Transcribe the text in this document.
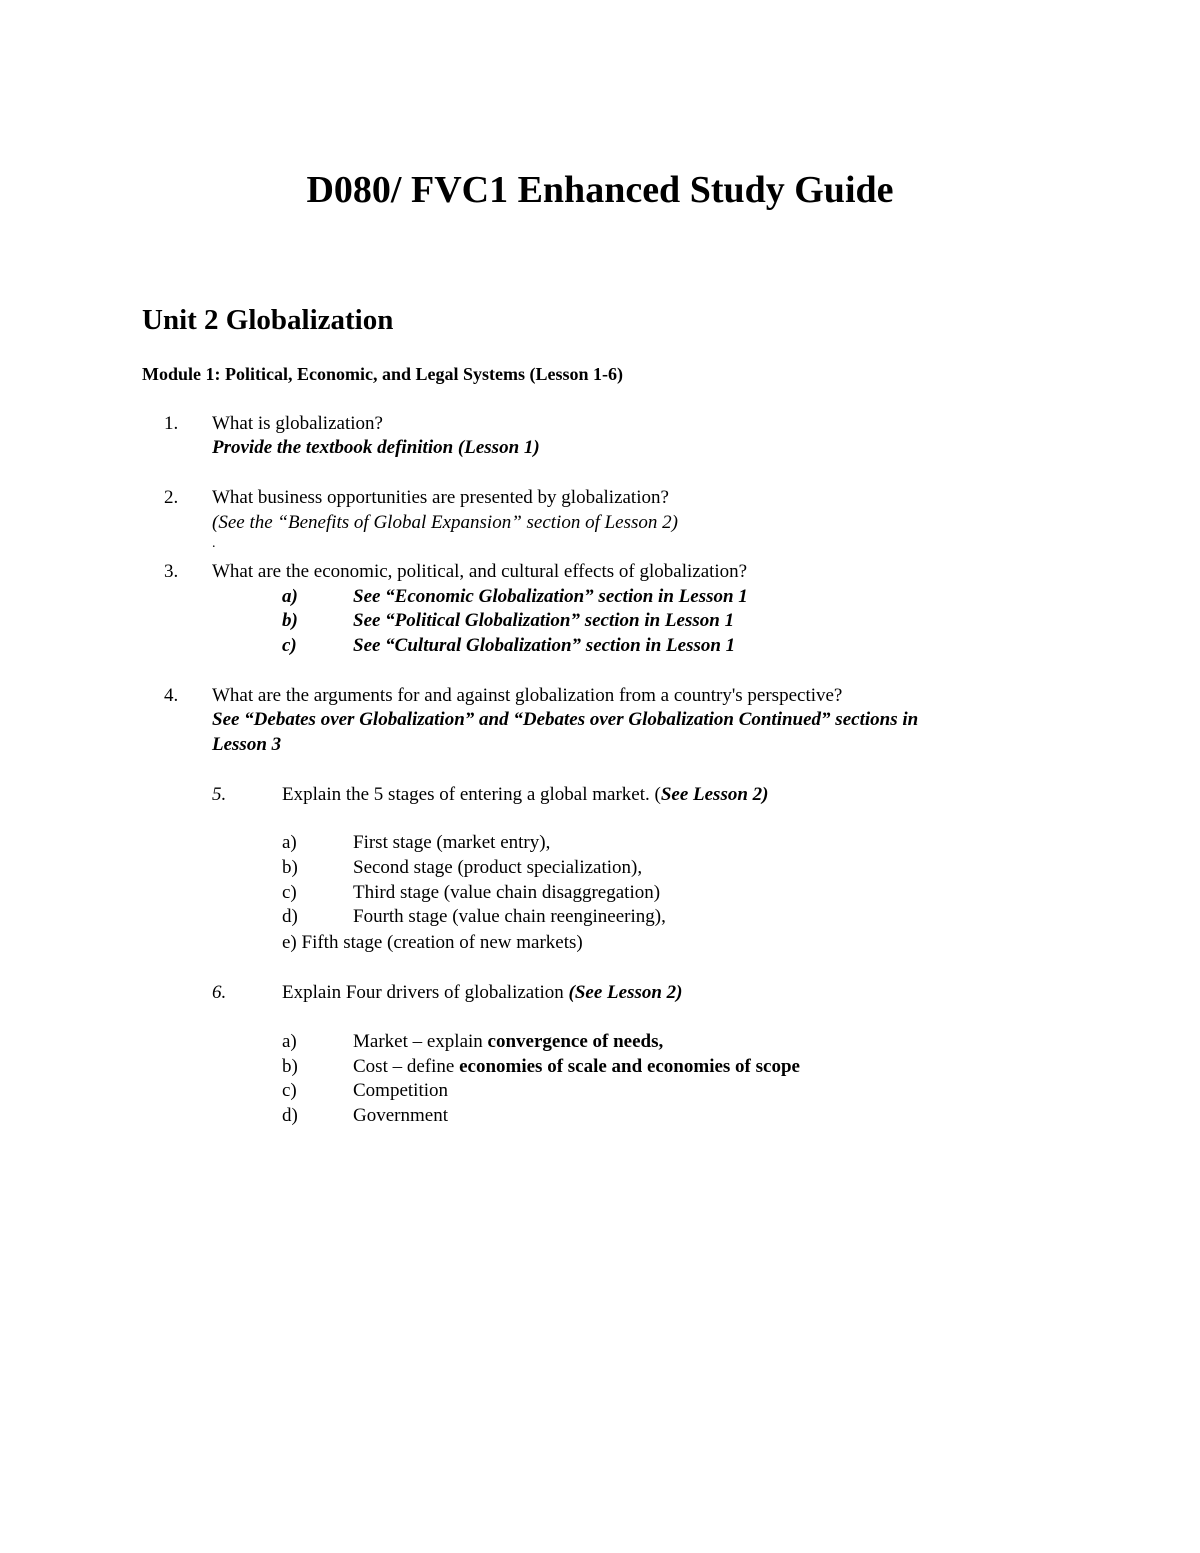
D080/ FVC1 Enhanced Study Guide
Unit 2 Globalization
Module 1: Political, Economic, and Legal Systems (Lesson 1-6)
1. What is globalization?
Provide the textbook definition (Lesson 1)
2. What business opportunities are presented by globalization?
(See the “Benefits of Global Expansion” section of Lesson 2)
.
3. What are the economic, political, and cultural effects of globalization?
a)	See “Economic Globalization” section in Lesson 1
b)	See “Political Globalization” section in Lesson 1
c)	See “Cultural Globalization” section in Lesson 1
4. What are the arguments for and against globalization from a country's perspective?
See “Debates over Globalization” and “Debates over Globalization Continued” sections in
Lesson 3
5.	Explain the 5 stages of entering a global market. (See Lesson 2)
a)	First stage (market entry),
b)	Second stage (product specialization),
c)	Third stage (value chain disaggregation)
d)	Fourth stage (value chain reengineering),
e) Fifth stage (creation of new markets)
6.	Explain Four drivers of globalization (See Lesson 2)
a)	Market – explain convergence of needs,
b)	Cost – define economies of scale and economies of scope
c)	Competition
d)	Government
